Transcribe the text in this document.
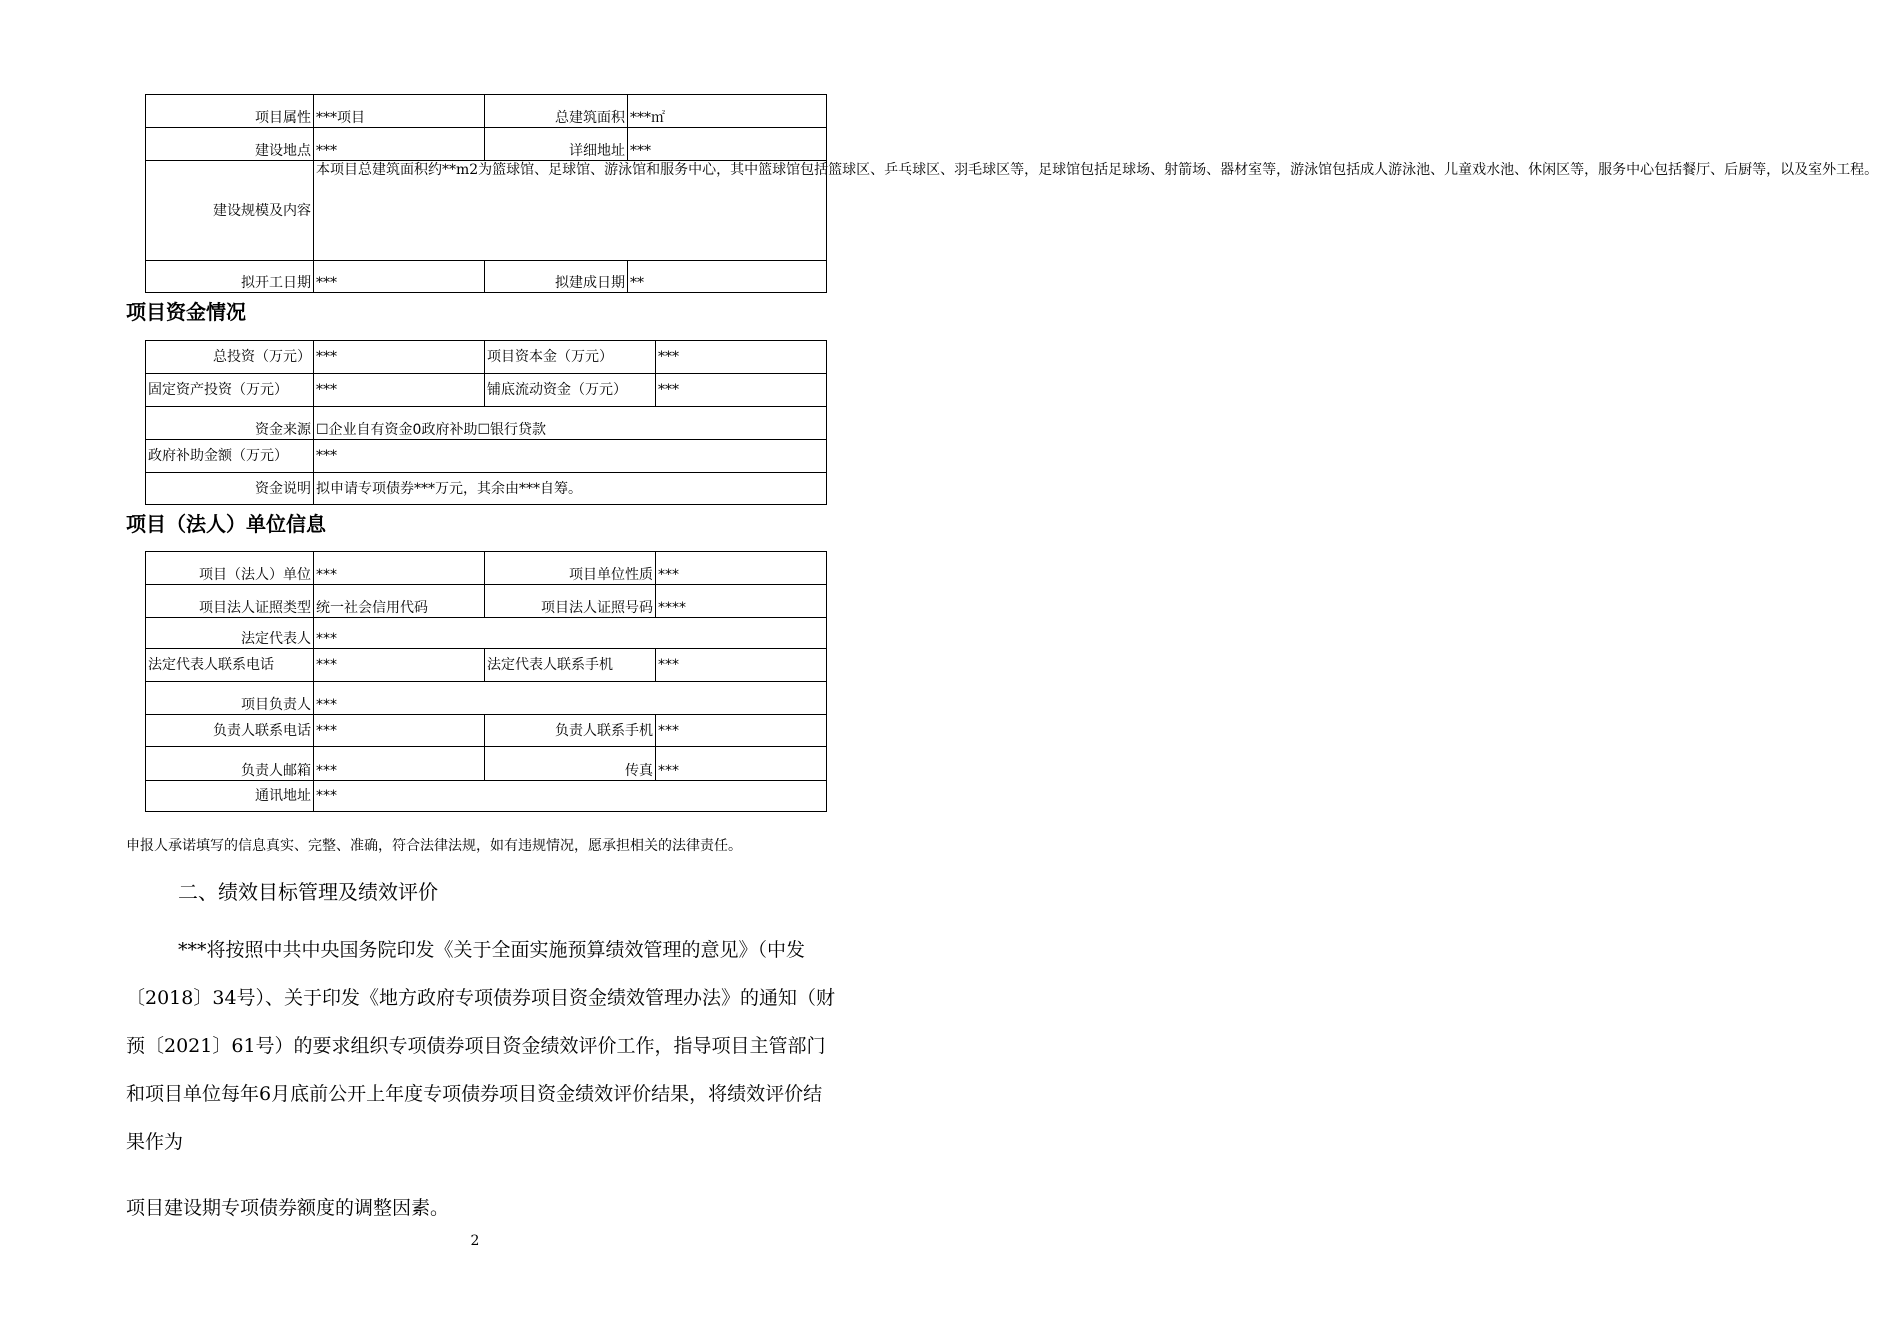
项目属性	***项目	总建筑面积	***㎡
建设地点	***	详细地址	***
建设规模及内容	本项目总建筑面积约**m2为篮球馆、足球馆、游泳馆和服务中心，其中篮球馆包括篮球区、乒乓球区、羽毛球区等，足球馆包括足球场、射箭场、器材室等，游泳馆包括成人游泳池、儿童戏水池、休闲区等，服务中心包括餐厅、后厨等，以及室外工程。		
拟开工日期	***	拟建成日期	**
项目资金情况
总投资（万元）	***	项目资本金（万元）	***
固定资产投资（万元）	***	铺底流动资金（万元）	***
资金来源	☐企业自有资金0政府补助☐银行贷款		
政府补助金额（万元）	***		
资金说明	拟申请专项债券***万元，其余由***自筹。		
项目（法人）单位信息
项目（法人）单位	***	项目单位性质	***
项目法人证照类型	统一社会信用代码	项目法人证照号码	****
法定代表人	***		
法定代表人联系电话	***	法定代表人联系手机	***
项目负责人	***		
负责人联系电话	***	负责人联系手机	***
负责人邮箱	***	传真	***
通讯地址	***		

申报人承诺填写的信息真实、完整、准确，符合法律法规，如有违规情况，愿承担相关的法律责任。

二、绩效目标管理及绩效评价

***将按照中共中央国务院印发《关于全面实施预算绩效管理的意见》（中发〔2018〕34号）、关于印发《地方政府专项债券项目资金绩效管理办法》的通知（财预〔2021〕61号）的要求组织专项债券项目资金绩效评价工作，指导项目主管部门和项目单位每年6月底前公开上年度专项债券项目资金绩效评价结果，将绩效评价结果作为

项目建设期专项债券额度的调整因素。

2
